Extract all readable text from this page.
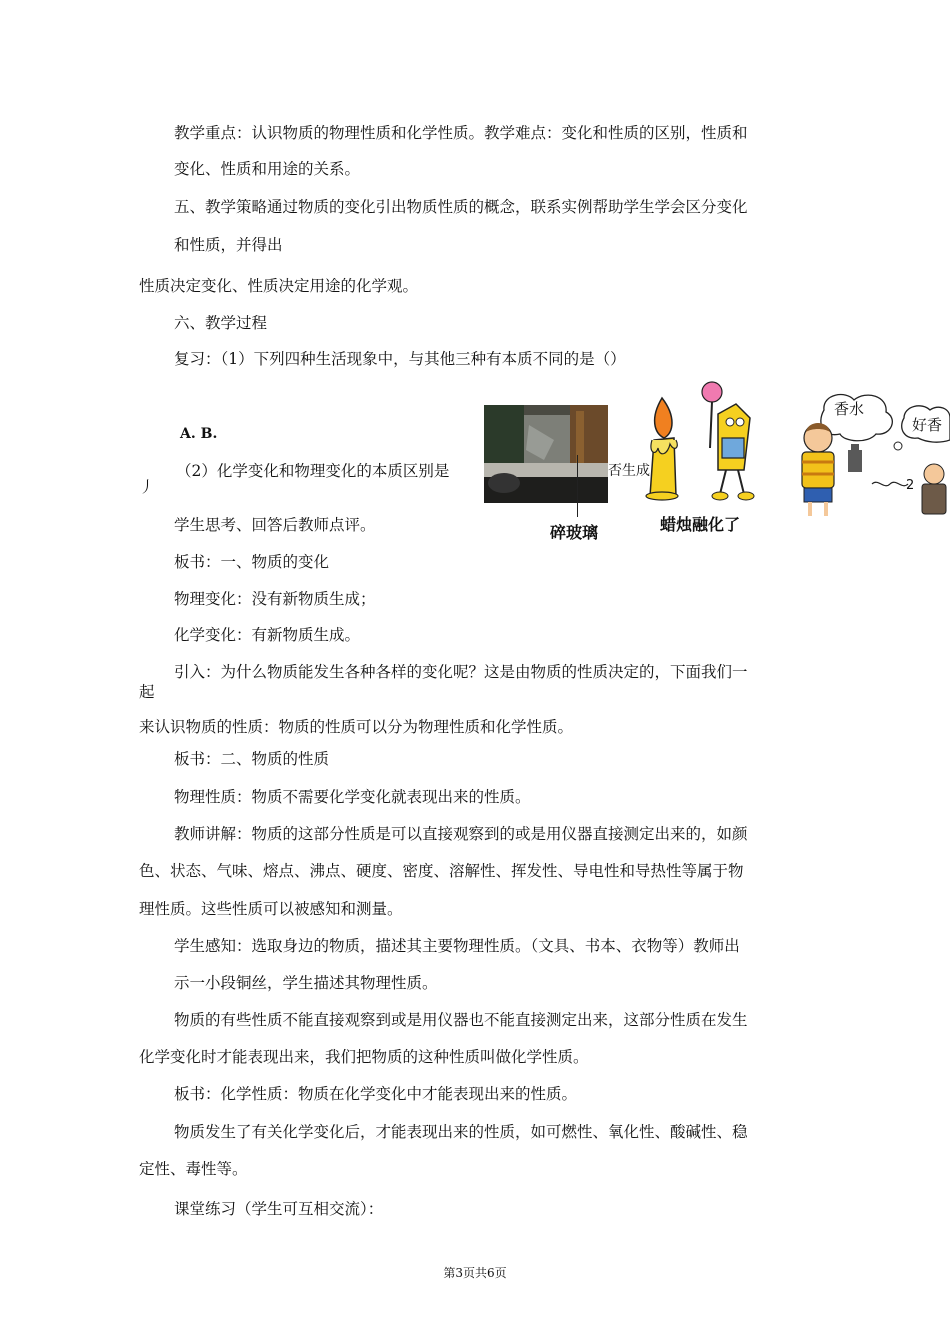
教学重点：认识物质的物理性质和化学性质。教学难点：变化和性质的区别，性质和
变化、性质和用途的关系。
五、教学策略通过物质的变化引出物质性质的概念，联系实例帮助学生学会区分变化
和性质，并得出
性质决定变化、性质决定用途的化学观。
六、教学过程
复习：（1）下列四种生活现象中，与其他三种有本质不同的是（）
A. B.
丿
（2）化学变化和物理变化的本质区别是	否生成
学生思考、回答后教师点评。
板书：一、物质的变化
物理变化：没有新物质生成；
化学变化：有新物质生成。
引入：为什么物质能发生各种各样的变化呢？这是由物质的性质决定的，下面我们一
起
来认识物质的性质：物质的性质可以分为物理性质和化学性质。
板书：二、物质的性质
物理性质：物质不需要化学变化就表现出来的性质。
教师讲解：物质的这部分性质是可以直接观察到的或是用仪器直接测定出来的，如颜
色、状态、气味、熔点、沸点、硬度、密度、溶解性、挥发性、导电性和导热性等属于物
理性质。这些性质可以被感知和测量。
学生感知：选取身边的物质，描述其主要物理性质。（文具、书本、衣物等）教师出
示一小段铜丝，学生描述其物理性质。
物质的有些性质不能直接观察到或是用仪器也不能直接测定出来，这部分性质在发生
化学变化时才能表现出来，我们把物质的这种性质叫做化学性质。
板书：化学性质：物质在化学变化中才能表现出来的性质。
物质发生了有关化学变化后，才能表现出来的性质，如可燃性、氧化性、酸碱性、稳
定性、毒性等。
课堂练习（学生可互相交流）：
碎玻璃	蜡烛融化了
香水
好香
2
第3页共6页
